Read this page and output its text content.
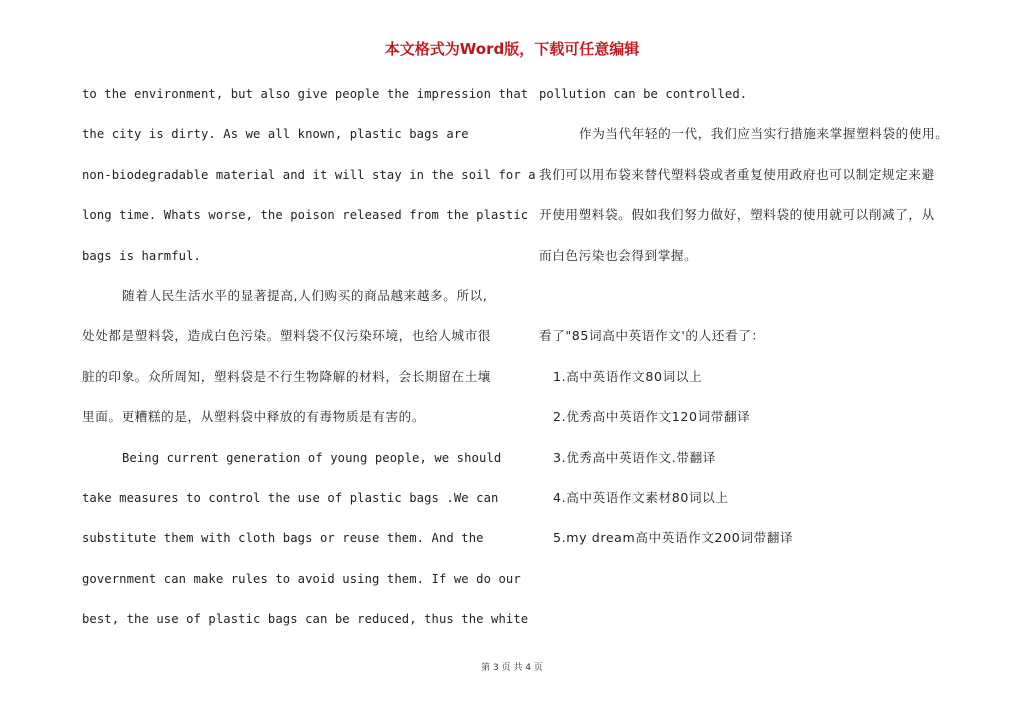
本文格式为Word版，下载可任意编辑
to the environment, but also give people the impression that
the city is dirty. As we all known, plastic bags are
non-biodegradable material and it will stay in the soil for a
long time. Whats worse, the poison released from the plastic
bags is harmful.
随着人民生活水平的显著提高,人们购买的商品越来越多。所以,
处处都是塑料袋，造成白色污染。塑料袋不仅污染环境，也给人城市很
脏的印象。众所周知，塑料袋是不行生物降解的材料，会长期留在土壤
里面。更糟糕的是，从塑料袋中释放的有毒物质是有害的。
Being current generation of young people, we should
take measures to control the use of plastic bags .We can
substitute them with cloth bags or reuse them. And the
government can make rules to avoid using them. If we do our
best, the use of plastic bags can be reduced, thus the white
pollution can be controlled.
作为当代年轻的一代，我们应当实行措施来掌握塑料袋的使用。
我们可以用布袋来替代塑料袋或者重复使用政府也可以制定规定来避
开使用塑料袋。假如我们努力做好，塑料袋的使用就可以削减了，从
而白色污染也会得到掌握。
看了"85词高中英语作文'的人还看了：
1.高中英语作文80词以上
2.优秀高中英语作文120词带翻译
3.优秀高中英语作文.带翻译
4.高中英语作文素材80词以上
5.my dream高中英语作文200词带翻译
第 3 页 共 4 页
